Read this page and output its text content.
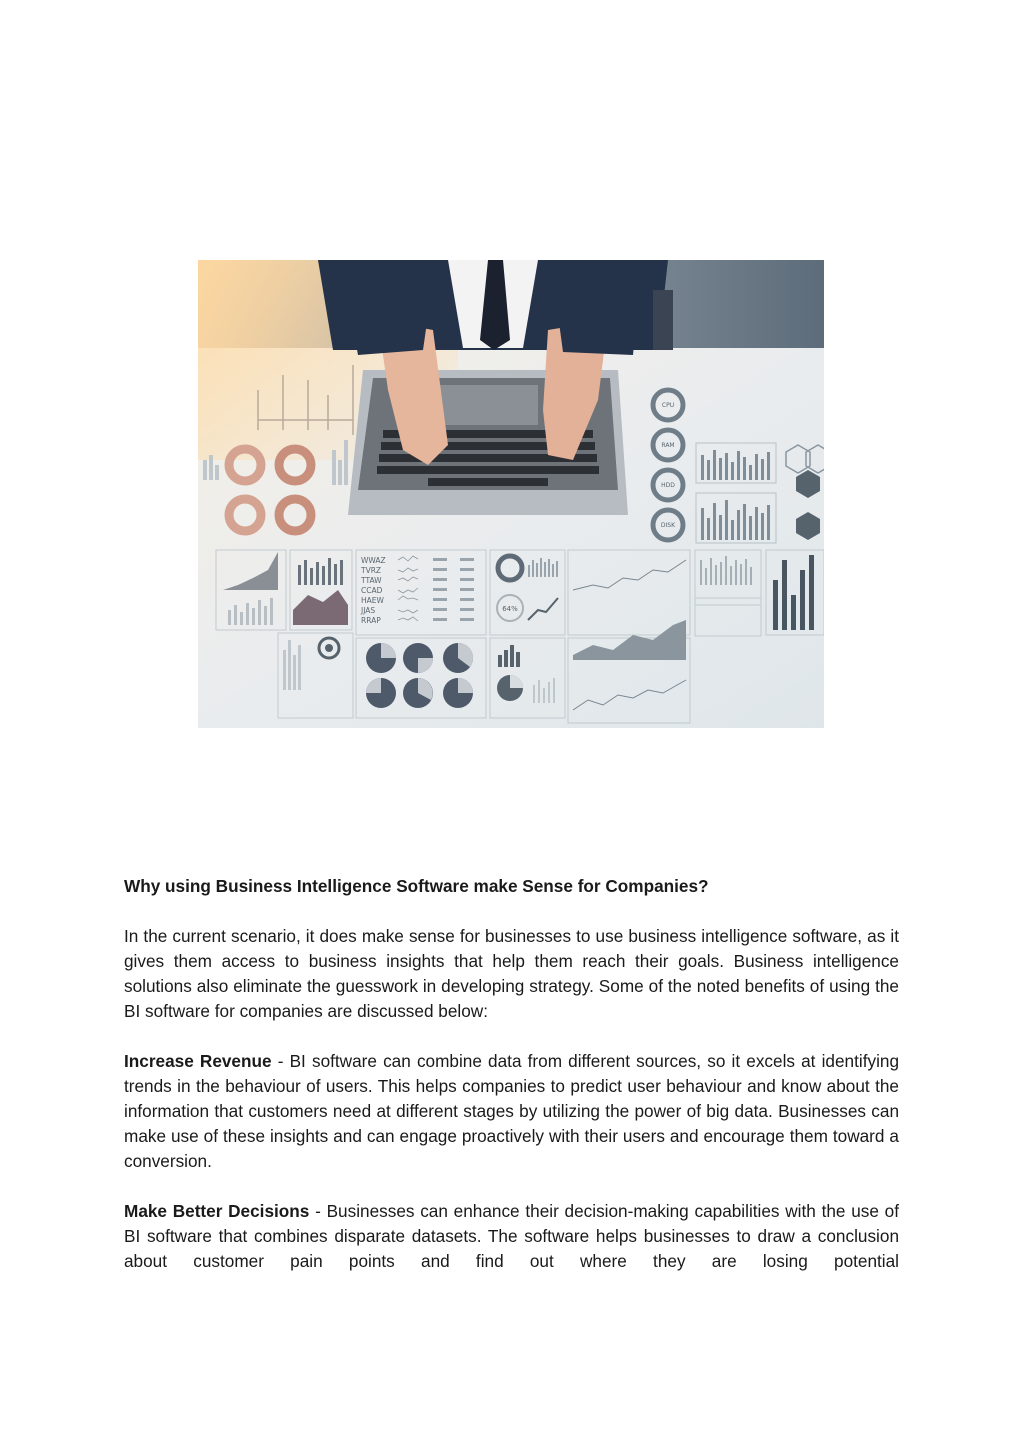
CPU
RAM
HDD
DISK
WWAZ
TVRZ
TTAW
CCAD
HAEW
JJAS
RRAP
64%
Why using Business Intelligence Software make Sense for Companies?

In the current scenario, it does make sense for businesses to use business intelligence software, as it gives them access to business insights that help them reach their goals. Business intelligence solutions also eliminate the guesswork in developing strategy. Some of the noted benefits of using the BI software for companies are discussed below:

Increase Revenue - BI software can combine data from different sources, so it excels at identifying trends in the behaviour of users. This helps companies to predict user behaviour and know about the information that customers need at different stages by utilizing the power of big data. Businesses can make use of these insights and can engage proactively with their users and encourage them toward a conversion.

Make Better Decisions - Businesses can enhance their decision-making capabilities with the use of BI software that combines disparate datasets. The software helps businesses to draw a conclusion about customer pain points and find out where they are losing potential
